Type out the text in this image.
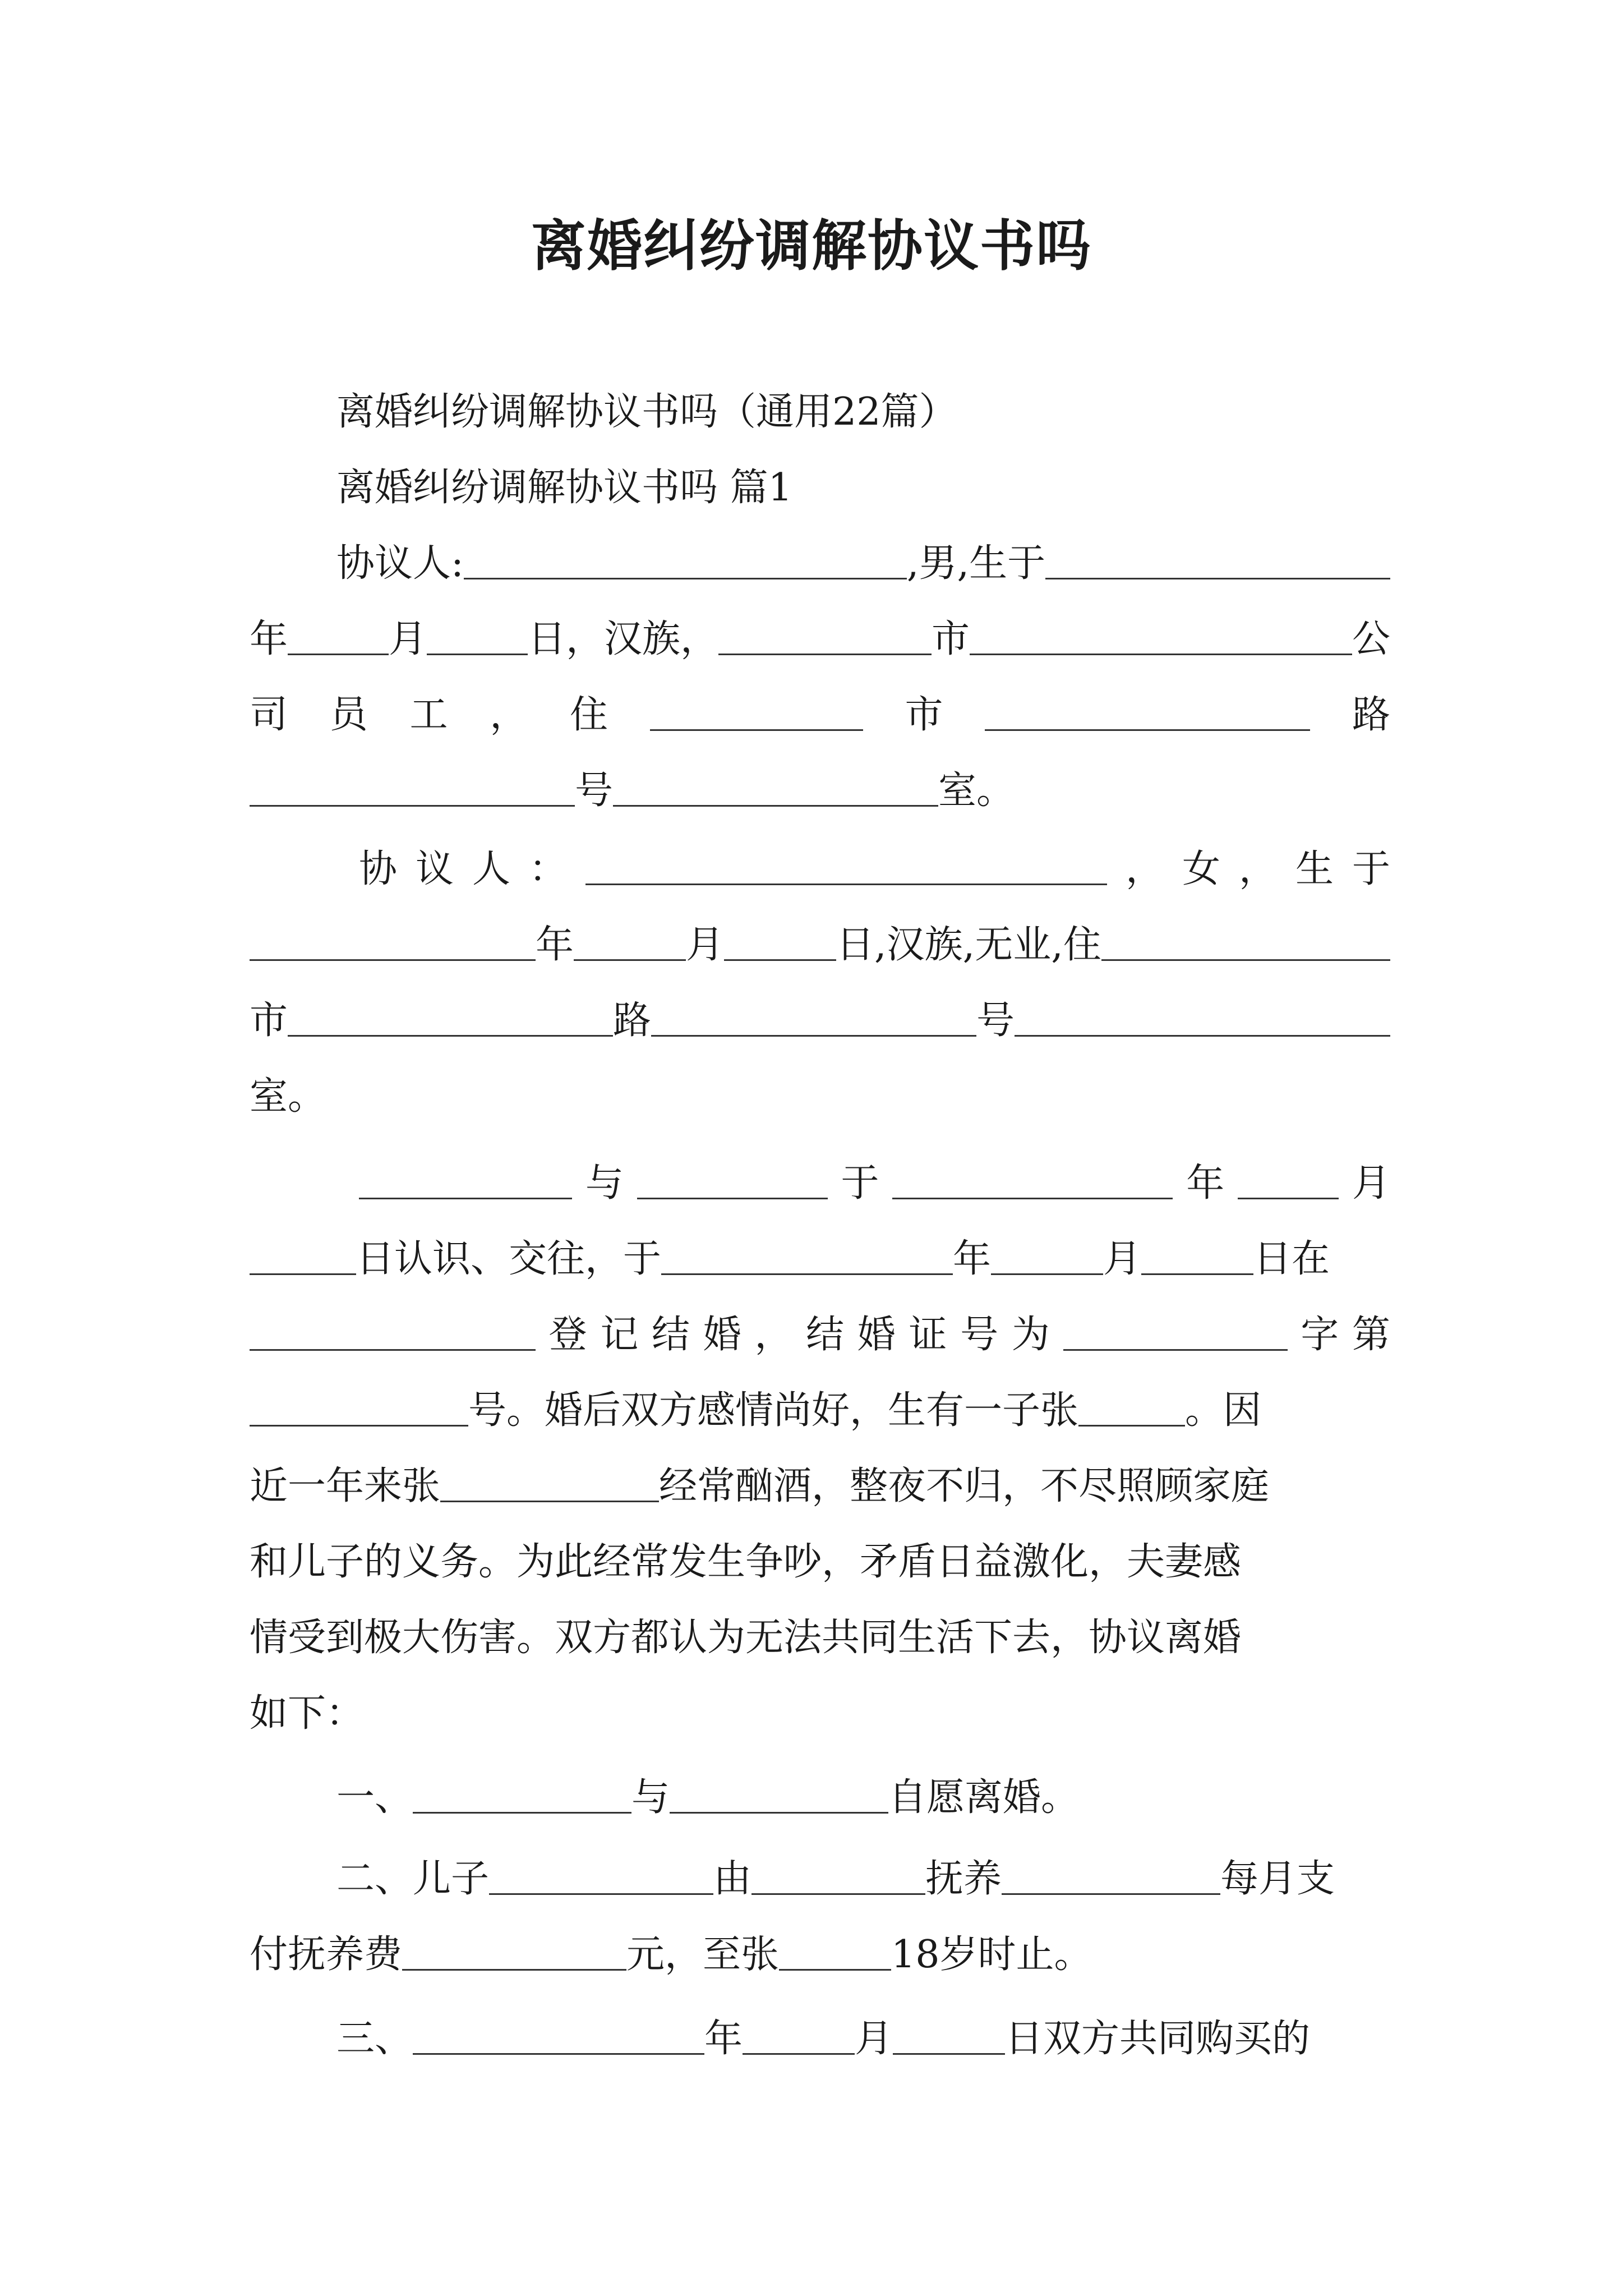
离婚纠纷调解协议书吗
离婚纠纷调解协议书吗（通用22篇）
离婚纠纷调解协议书吗 篇1
协议人:	,男,生于
年	月	日，汉族，	市	公
司 员 工 ， 住	市	路
号	室。
协 议 人 ：	， 女 ， 生 于
年	月	日,汉族,无业,住
市	路	号
室。
与	于	年	月
日认识、交往，于	年	月	日在
登 记 结 婚 ， 结 婚 证 号 为	字 第
号。婚后双方感情尚好，生有一子张	。因
近一年来张	经常酗酒，整夜不归，不尽照顾家庭
和儿子的义务。为此经常发生争吵，矛盾日益激化，夫妻感
情受到极大伤害。双方都认为无法共同生活下去，协议离婚
如下：
一、	与	自愿离婚。
二、儿子	由	抚养	每月支
付抚养费	元，至张	18岁时止。
三、	年	月	日双方共同购买的
